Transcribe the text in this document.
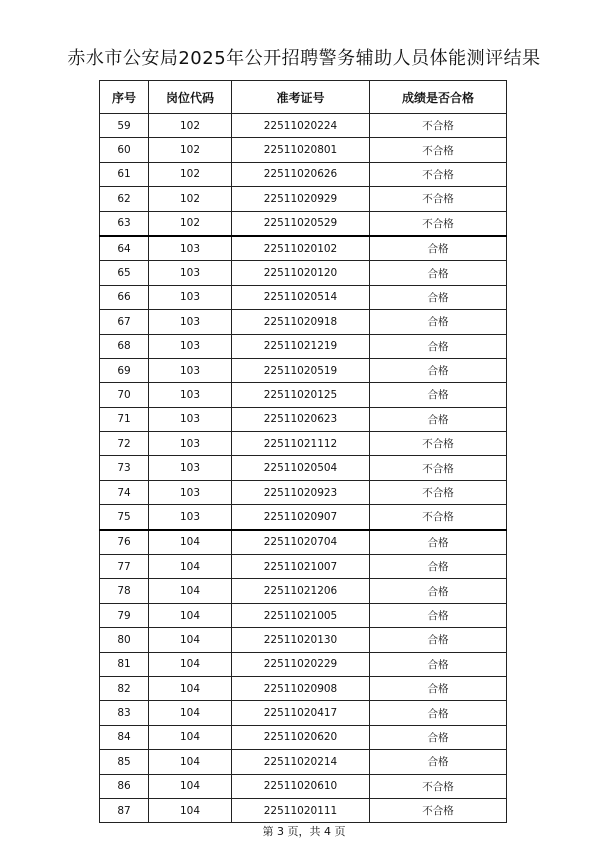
赤水市公安局2025年公开招聘警务辅助人员体能测评结果
序号	岗位代码	准考证号	成绩是否合格
59	102	22511020224	不合格
60	102	22511020801	不合格
61	102	22511020626	不合格
62	102	22511020929	不合格
63	102	22511020529	不合格
64	103	22511020102	合格
65	103	22511020120	合格
66	103	22511020514	合格
67	103	22511020918	合格
68	103	22511021219	合格
69	103	22511020519	合格
70	103	22511020125	合格
71	103	22511020623	合格
72	103	22511021112	不合格
73	103	22511020504	不合格
74	103	22511020923	不合格
75	103	22511020907	不合格
76	104	22511020704	合格
77	104	22511021007	合格
78	104	22511021206	合格
79	104	22511021005	合格
80	104	22511020130	合格
81	104	22511020229	合格
82	104	22511020908	合格
83	104	22511020417	合格
84	104	22511020620	合格
85	104	22511020214	合格
86	104	22511020610	不合格
87	104	22511020111	不合格
第 3 页，共 4 页
